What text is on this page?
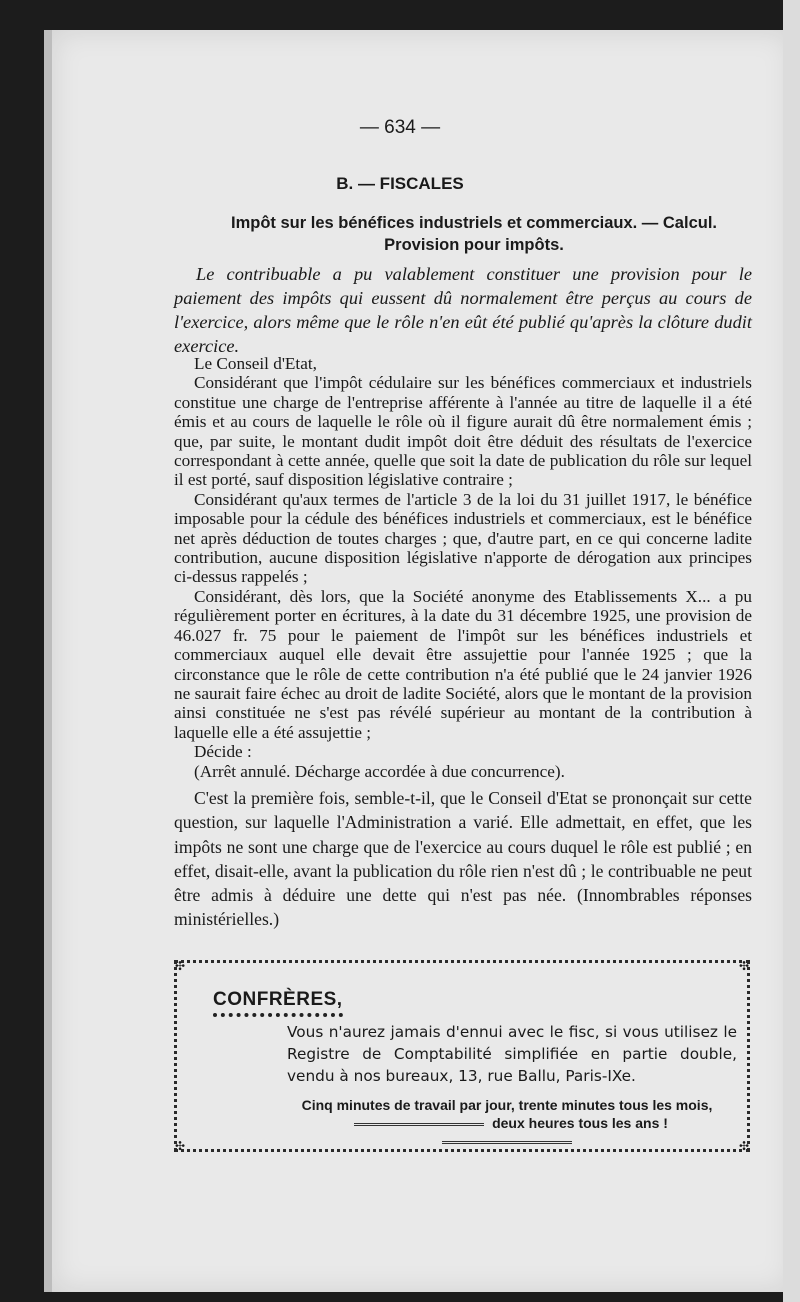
— 634 —
B. — FISCALES
Impôt sur les bénéfices industriels et commerciaux. — Calcul.
Provision pour impôts.

Le contribuable a pu valablement constituer une provision pour le paiement des impôts qui eussent dû normalement être perçus au cours de l'exercice, alors même que le rôle n'en eût été publié qu'après la clôture dudit exercice.

Le Conseil d'Etat,

Considérant que l'impôt cédulaire sur les bénéfices commerciaux et industriels constitue une charge de l'entreprise afférente à l'année au titre de laquelle il a été émis et au cours de laquelle le rôle où il figure aurait dû être normalement émis ; que, par suite, le montant dudit impôt doit être déduit des résultats de l'exercice correspondant à cette année, quelle que soit la date de publication du rôle sur lequel il est porté, sauf disposition législative contraire ;

Considérant qu'aux termes de l'article 3 de la loi du 31 juillet 1917, le bénéfice imposable pour la cédule des bénéfices industriels et commerciaux, est le bénéfice net après déduction de toutes charges ; que, d'autre part, en ce qui concerne ladite contribution, aucune disposition législative n'apporte de dérogation aux principes ci-dessus rappelés ;

Considérant, dès lors, que la Société anonyme des Etablissements X... a pu régulièrement porter en écritures, à la date du 31 décembre 1925, une provision de 46.027 fr. 75 pour le paiement de l'impôt sur les bénéfices industriels et commerciaux auquel elle devait être assujettie pour l'année 1925 ; que la circonstance que le rôle de cette contribution n'a été publié que le 24 janvier 1926 ne saurait faire échec au droit de ladite Société, alors que le montant de la provision ainsi constituée ne s'est pas révélé supérieur au montant de la contribution à laquelle elle a été assujettie ;

Décide :

(Arrêt annulé. Décharge accordée à due concurrence).

C'est la première fois, semble-t-il, que le Conseil d'Etat se prononçait sur cette question, sur laquelle l'Administration a varié. Elle admettait, en effet, que les impôts ne sont une charge que de l'exercice au cours duquel le rôle est publié ; en effet, disait-elle, avant la publication du rôle rien n'est dû ; le contribuable ne peut être admis à déduire une dette qui n'est pas née. (Innombrables réponses ministérielles.)

✣	✣
✣	✣
CONFRÈRES,

Vous n'aurez jamais d'ennui avec le fisc, si vous utilisez le Registre de Comptabilité simplifiée en partie double, vendu à nos bureaux, 13, rue Ballu, Paris-IXe.

Cinq minutes de travail par jour, trente minutes tous les mois,
deux heures tous les ans !
